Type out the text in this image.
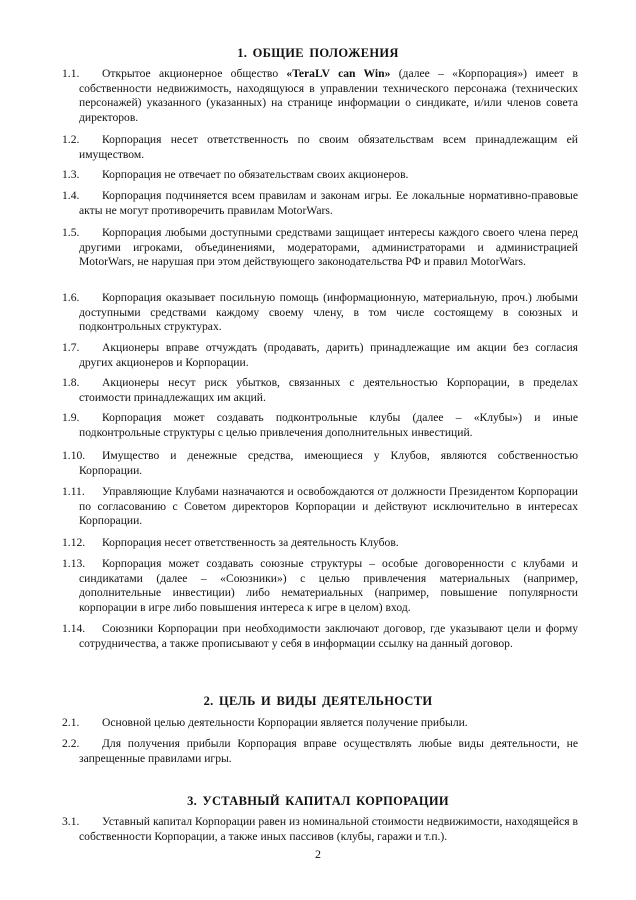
1. ОБЩИЕ ПОЛОЖЕНИЯ
1.1.	Открытое акционерное общество «TeraLV can Win» (далее – «Корпорация») имеет в собственности недвижимость, находящуюся в управлении технического персонажа (технических персонажей) указанного (указанных) на странице информации о синдикате, и/или членов совета директоров.
1.2.	Корпорация несет ответственность по своим обязательствам всем принадлежащим ей имуществом.
1.3.	Корпорация не отвечает по обязательствам своих акционеров.
1.4.	Корпорация подчиняется всем правилам и законам игры. Ее локальные нормативно-правовые акты не могут противоречить правилам MotorWars.
1.5.	Корпорация любыми доступными средствами защищает интересы каждого своего члена перед другими игроками, объединениями, модераторами, администраторами и администрацией MotorWars, не нарушая при этом действующего законодательства РФ и правил MotorWars.
1.6.	Корпорация оказывает посильную помощь (информационную, материальную, проч.) любыми доступными средствами каждому своему члену, в том числе состоящему в союзных и подконтрольных структурах.
1.7.	Акционеры вправе отчуждать (продавать, дарить) принадлежащие им акции без согласия других акционеров и Корпорации.
1.8.	Акционеры несут риск убытков, связанных с деятельностью Корпорации, в пределах стоимости принадлежащих им акций.
1.9.	Корпорация может создавать подконтрольные клубы (далее – «Клубы») и иные подконтрольные структуры с целью привлечения дополнительных инвестиций.
1.10.	Имущество и денежные средства, имеющиеся у Клубов, являются собственностью Корпорации.
1.11.	Управляющие Клубами назначаются и освобождаются от должности Президентом Корпорации по согласованию с Советом директоров Корпорации и действуют исключительно в интересах Корпорации.
1.12.	Корпорация несет ответственность за деятельность Клубов.
1.13.	Корпорация может создавать союзные структуры – особые договоренности с клубами и синдикатами (далее – «Союзники») с целью привлечения материальных (например, дополнительные инвестиции) либо нематериальных (например, повышение популярности корпорации в игре либо повышения интереса к игре в целом) вход.
1.14.	Союзники Корпорации при необходимости заключают договор, где указывают цели и форму сотрудничества, а также прописывают у себя в информации ссылку на данный договор.
2. ЦЕЛЬ И ВИДЫ ДЕЯТЕЛЬНОСТИ
2.1.	Основной целью деятельности Корпорации является получение прибыли.
2.2.	Для получения прибыли Корпорация вправе осуществлять любые виды деятельности, не запрещенные правилами игры.
3. УСТАВНЫЙ КАПИТАЛ КОРПОРАЦИИ
3.1.	Уставный капитал Корпорации равен из номинальной стоимости недвижимости, находящейся в собственности Корпорации, а также иных пассивов (клубы, гаражи и т.п.).
2
